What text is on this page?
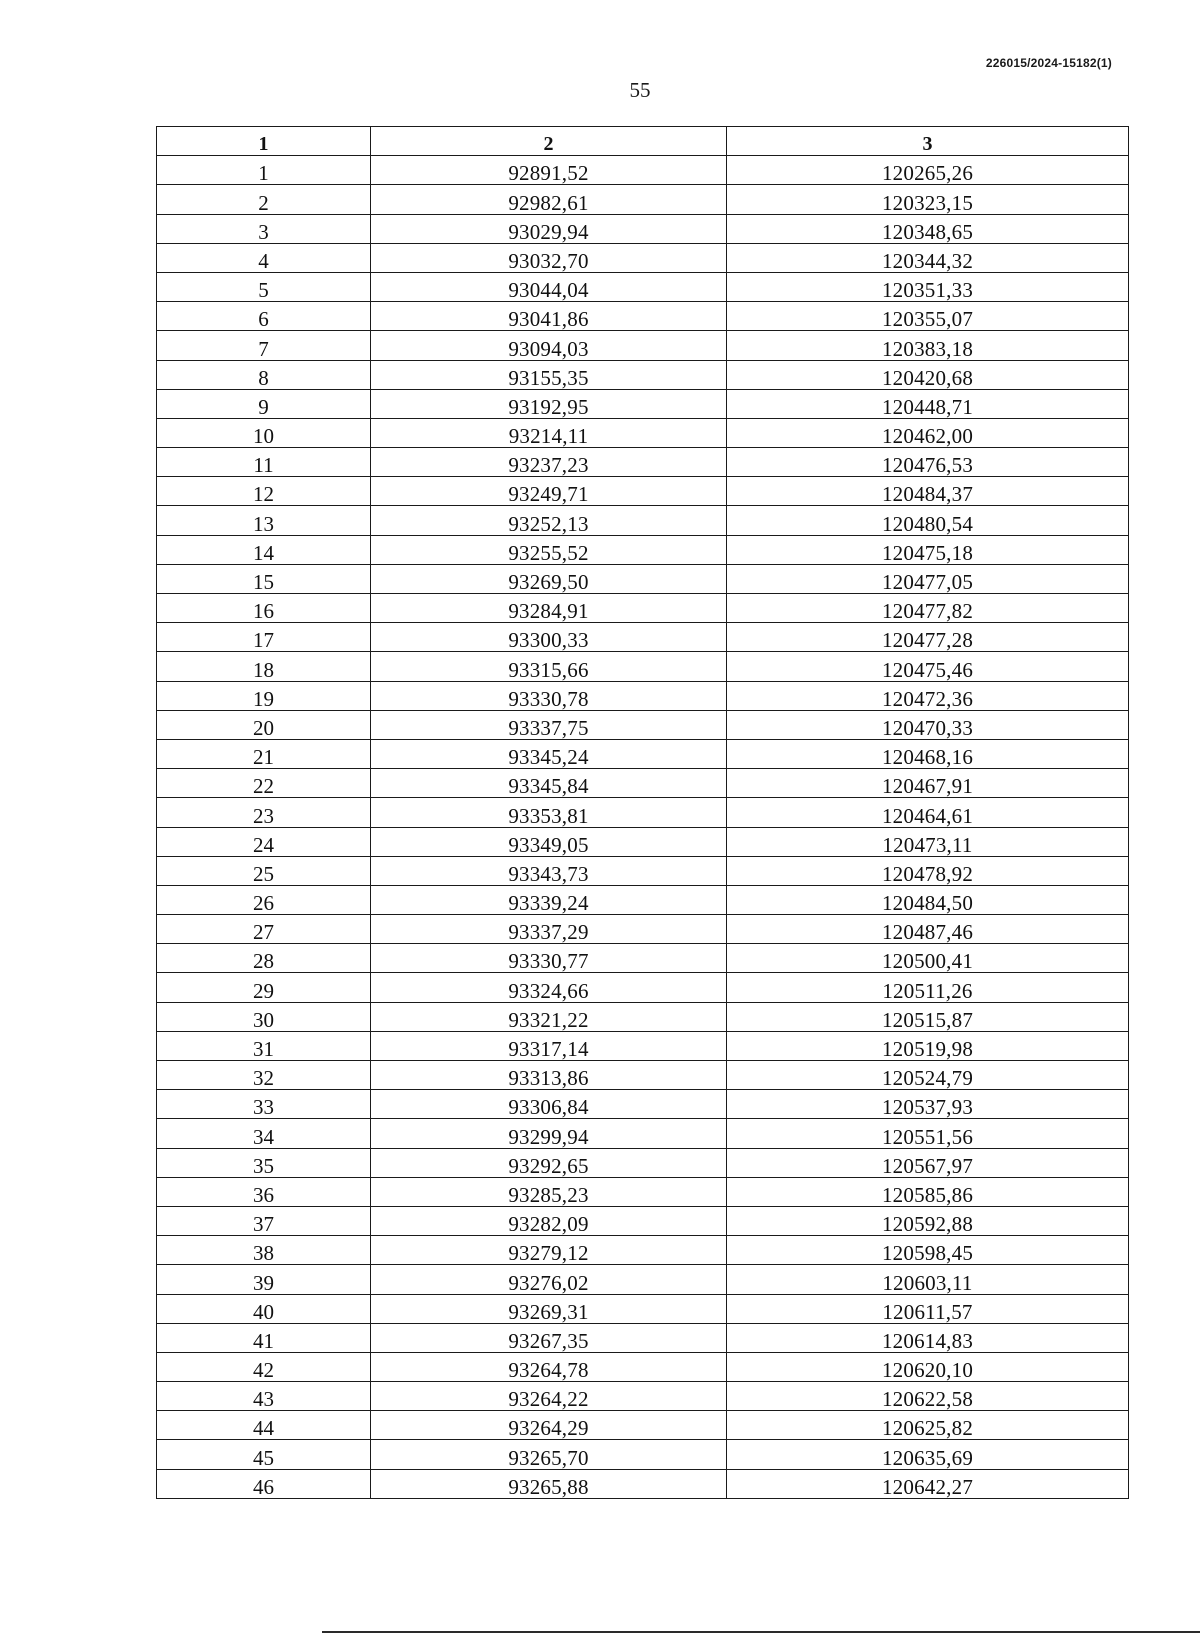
226015/2024-15182(1)
55
1	2	3
1	92891,52	120265,26
2	92982,61	120323,15
3	93029,94	120348,65
4	93032,70	120344,32
5	93044,04	120351,33
6	93041,86	120355,07
7	93094,03	120383,18
8	93155,35	120420,68
9	93192,95	120448,71
10	93214,11	120462,00
11	93237,23	120476,53
12	93249,71	120484,37
13	93252,13	120480,54
14	93255,52	120475,18
15	93269,50	120477,05
16	93284,91	120477,82
17	93300,33	120477,28
18	93315,66	120475,46
19	93330,78	120472,36
20	93337,75	120470,33
21	93345,24	120468,16
22	93345,84	120467,91
23	93353,81	120464,61
24	93349,05	120473,11
25	93343,73	120478,92
26	93339,24	120484,50
27	93337,29	120487,46
28	93330,77	120500,41
29	93324,66	120511,26
30	93321,22	120515,87
31	93317,14	120519,98
32	93313,86	120524,79
33	93306,84	120537,93
34	93299,94	120551,56
35	93292,65	120567,97
36	93285,23	120585,86
37	93282,09	120592,88
38	93279,12	120598,45
39	93276,02	120603,11
40	93269,31	120611,57
41	93267,35	120614,83
42	93264,78	120620,10
43	93264,22	120622,58
44	93264,29	120625,82
45	93265,70	120635,69
46	93265,88	120642,27
